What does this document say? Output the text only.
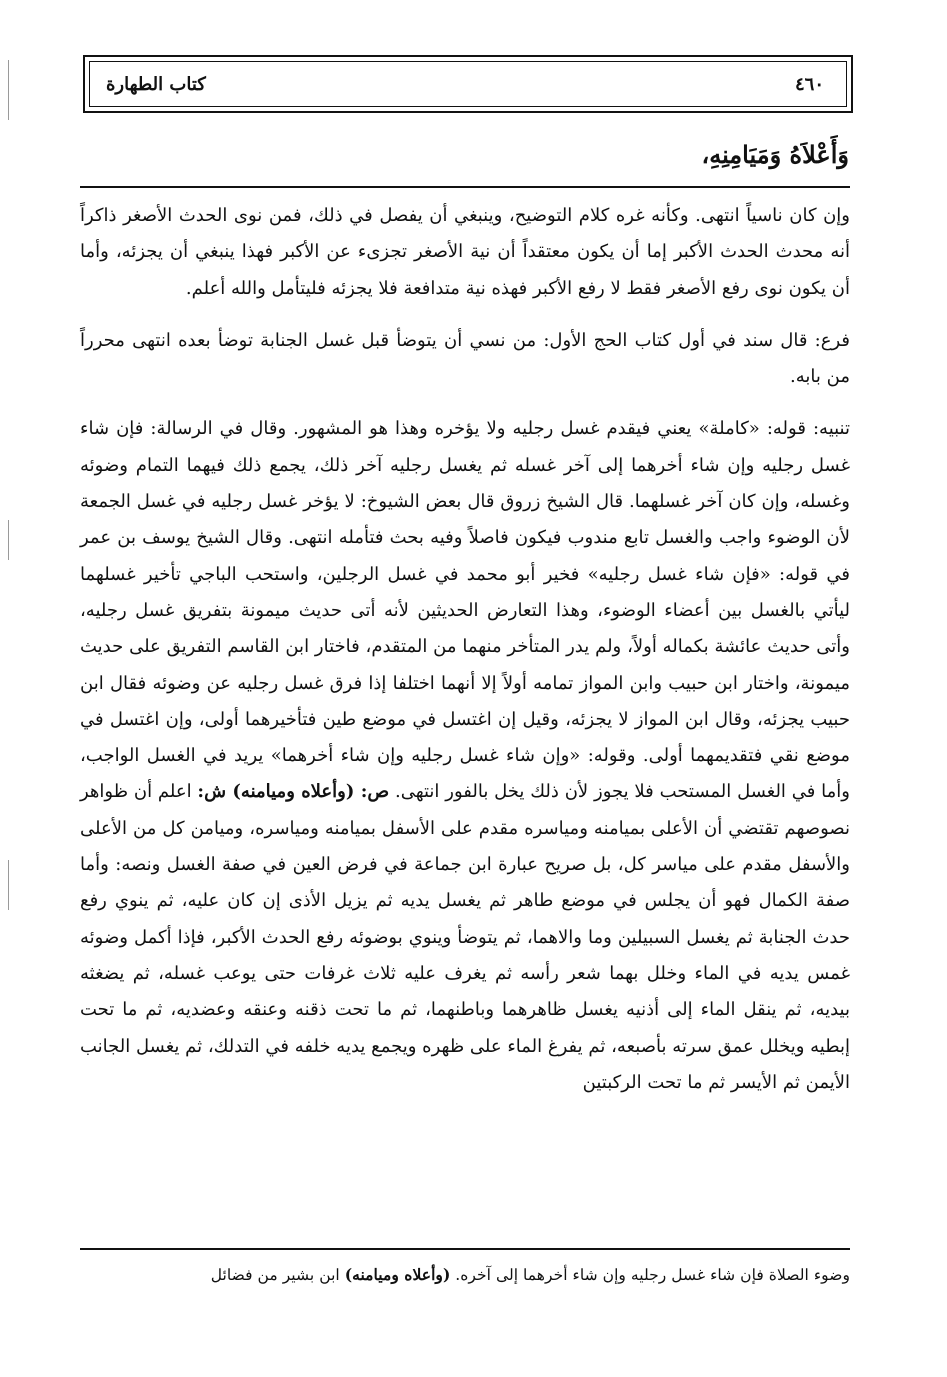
كتاب الطهارة	٤٦٠
وَأَعْلاَهُ وَمَيَامِنِهِ،

وإن كان ناسياً انتهى. وكأنه غره كلام التوضيح، وينبغي أن يفصل في ذلك، فمن نوى الحدث الأصغر ذاكراً أنه محدث الحدث الأكبر إما أن يكون معتقداً أن نية الأصغر تجزىء عن الأكبر فهذا ينبغي أن يجزئه، وأما أن يكون نوى رفع الأصغر فقط لا رفع الأكبر فهذه نية متدافعة فلا يجزئه فليتأمل والله أعلم.

فرع: قال سند في أول كتاب الحج الأول: من نسي أن يتوضأ قبل غسل الجنابة توضأ بعده انتهى محرراً من بابه.

تنبيه: قوله: «كاملة» يعني فيقدم غسل رجليه ولا يؤخره وهذا هو المشهور. وقال في الرسالة: فإن شاء غسل رجليه وإن شاء أخرهما إلى آخر غسله ثم يغسل رجليه آخر ذلك، يجمع ذلك فيهما التمام وضوئه وغسله، وإن كان آخر غسلهما. قال الشيخ زروق قال بعض الشيوخ: لا يؤخر غسل رجليه في غسل الجمعة لأن الوضوء واجب والغسل تابع مندوب فيكون فاصلاً وفيه بحث فتأمله انتهى. وقال الشيخ يوسف بن عمر في قوله: «فإن شاء غسل رجليه» فخير أبو محمد في غسل الرجلين، واستحب الباجي تأخير غسلهما ليأتي بالغسل بين أعضاء الوضوء، وهذا التعارض الحديثين لأنه أتى حديث ميمونة بتفريق غسل رجليه، وأتى حديث عائشة بكماله أولاً، ولم يدر المتأخر منهما من المتقدم، فاختار ابن القاسم التفريق على حديث ميمونة، واختار ابن حبيب وابن المواز تمامه أولاً إلا أنهما اختلفا إذا فرق غسل رجليه عن وضوئه فقال ابن حبيب يجزئه، وقال ابن المواز لا يجزئه، وقيل إن اغتسل في موضع طين فتأخيرهما أولى، وإن اغتسل في موضع نقي فتقديمهما أولى. وقوله: «وإن شاء غسل رجليه وإن شاء أخرهما» يريد في الغسل الواجب، وأما في الغسل المستحب فلا يجوز لأن ذلك يخل بالفور انتهى. ص: (وأعلاه وميامنه) ش: اعلم أن ظواهر نصوصهم تقتضي أن الأعلى بميامنه ومياسره مقدم على الأسفل بميامنه ومياسره، وميامن كل من الأعلى والأسفل مقدم على مياسر كل، بل صريح عبارة ابن جماعة في فرض العين في صفة الغسل ونصه: وأما صفة الكمال فهو أن يجلس في موضع طاهر ثم يغسل يديه ثم يزيل الأذى إن كان عليه، ثم ينوي رفع حدث الجنابة ثم يغسل السبيلين وما والاهما، ثم يتوضأ وينوي بوضوئه رفع الحدث الأكبر، فإذا أكمل وضوئه غمس يديه في الماء وخلل بهما شعر رأسه ثم يغرف عليه ثلاث غرفات حتى يوعب غسله، ثم يضغثه بيديه، ثم ينقل الماء إلى أذنيه يغسل ظاهرهما وباطنهما، ثم ما تحت ذقنه وعنقه وعضديه، ثم ما تحت إبطيه ويخلل عمق سرته بأصبعه، ثم يفرغ الماء على ظهره ويجمع يديه خلفه في التدلك، ثم يغسل الجانب الأيمن ثم الأيسر ثم ما تحت الركبتين

وضوء الصلاة فإن شاء غسل رجليه وإن شاء أخرهما إلى آخره. (وأعلاه وميامنه) ابن بشير من فضائل
